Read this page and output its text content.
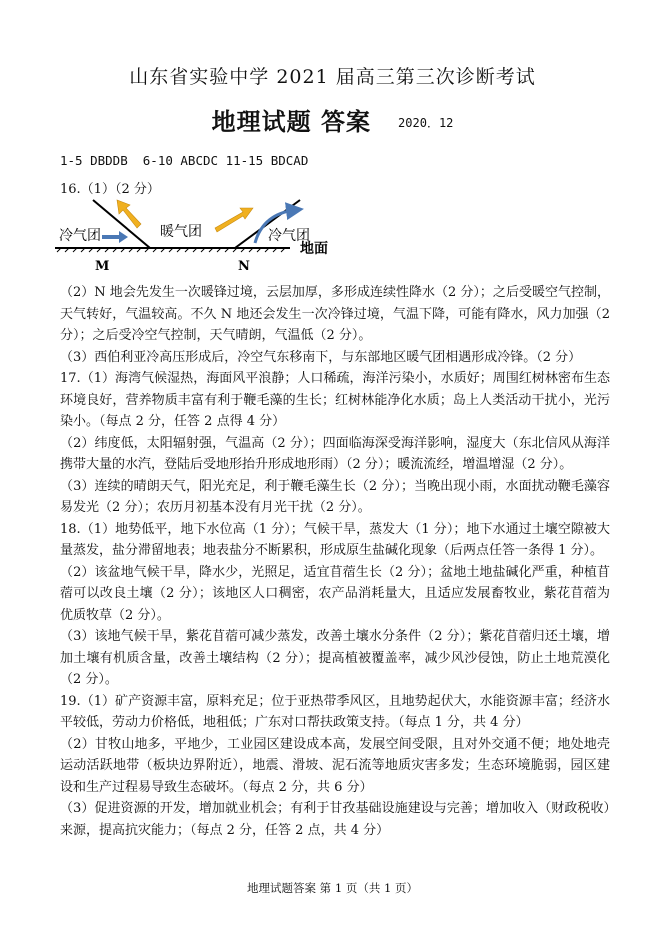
山东省实验中学 2021 届高三第三次诊断考试
地理试题 答案 2020．12
1-5 DBDDB  6-10 ABCDC 11-15 BDCAD
16.（1）（2 分）
冷气团	暖气团	冷气团
地面
M	N

（2）N 地会先发生一次暖锋过境，云层加厚，多形成连续性降水（2 分）；之后受暖空气控制，天气转好，气温较高。不久 N 地还会发生一次冷锋过境，气温下降，可能有降水，风力加强（2 分）；之后受冷空气控制，天气晴朗，气温低（2 分）。

（3）西伯利亚冷高压形成后，冷空气东移南下，与东部地区暖气团相遇形成冷锋。（2 分）

17.（1）海湾气候湿热，海面风平浪静；人口稀疏，海洋污染小，水质好；周围红树林密布生态环境良好，营养物质丰富有利于鞭毛藻的生长；红树林能净化水质；岛上人类活动干扰小，光污染小。（每点 2 分，任答 2 点得 4 分）

（2）纬度低，太阳辐射强，气温高（2 分）；四面临海深受海洋影响，湿度大（东北信风从海洋携带大量的水汽，登陆后受地形抬升形成地形雨）（2 分）；暖流流经，增温增湿（2 分）。

（3）连续的晴朗天气，阳光充足，利于鞭毛藻生长（2 分）；当晚出现小雨，水面扰动鞭毛藻容易发光（2 分）；农历月初基本没有月光干扰（2 分）。

18.（1）地势低平，地下水位高（1 分）；气候干旱，蒸发大（1 分）；地下水通过土壤空隙被大量蒸发，盐分滞留地表；地表盐分不断累积，形成原生盐碱化现象（后两点任答一条得 1 分）。

（2）该盆地气候干旱，降水少，光照足，适宜苜蓿生长（2 分）；盆地土地盐碱化严重，种植苜蓿可以改良土壤（2 分）；该地区人口稠密，农产品消耗量大，且适应发展畜牧业，紫花苜蓿为优质牧草（2 分）。

（3）该地气候干旱，紫花苜蓿可减少蒸发，改善土壤水分条件（2 分）；紫花苜蓿归还土壤，增加土壤有机质含量，改善土壤结构（2 分）；提高植被覆盖率，减少风沙侵蚀，防止土地荒漠化（2 分）。

19.（1）矿产资源丰富，原料充足；位于亚热带季风区，且地势起伏大，水能资源丰富；经济水平较低，劳动力价格低，地租低；广东对口帮扶政策支持。（每点 1 分，共 4 分）

（2）甘牧山地多，平地少，工业园区建设成本高，发展空间受限，且对外交通不便；地处地壳运动活跃地带（板块边界附近），地震、滑坡、泥石流等地质灾害多发；生态环境脆弱，园区建设和生产过程易导致生态破坏。（每点 2 分，共 6 分）

（3）促进资源的开发，增加就业机会；有利于甘孜基础设施建设与完善；增加收入（财政税收）来源，提高抗灾能力；（每点 2 分，任答 2 点，共 4 分）

地理试题答案 第 1 页（共 1 页）
